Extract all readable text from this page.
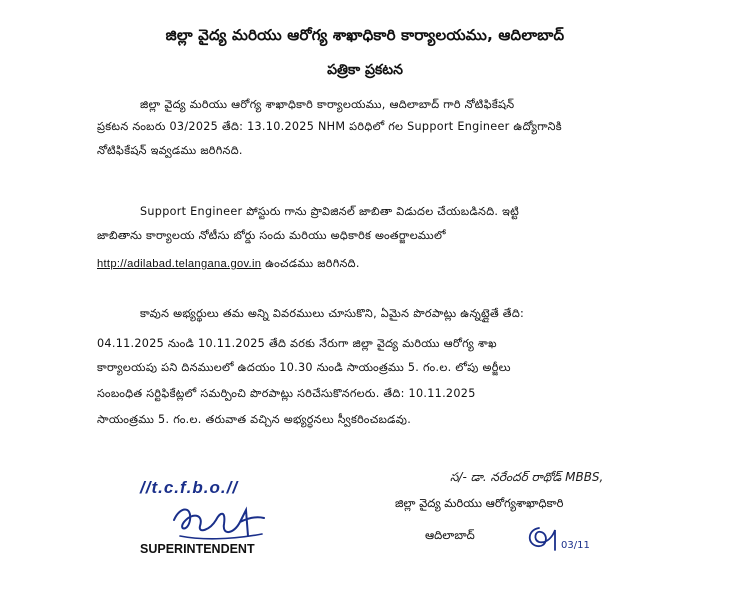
జిల్లా వైద్య మరియు ఆరోగ్య శాఖాధికారి కార్యాలయము, ఆదిలాబాద్
పత్రికా ప్రకటన
జిల్లా వైద్య మరియు ఆరోగ్య శాఖాధికారి కార్యాలయము, ఆదిలాబాద్ గారి నోటిఫికేషన్
ప్రకటన నంబరు 03/2025 తేది: 13.10.2025 NHM పరిధిలో గల Support Engineer ఉద్యోగానికి
నోటిఫికేషన్ ఇవ్వడము జరిగినది.
Support Engineer పోస్టురు గాను ప్రొవిజినల్ జాబితా విడుదల చేయబడినది. ఇట్టి
జాబితాను కార్యాలయ నోటీసు బోర్డు సందు మరియు అధికారిక అంతర్జాలములో
http://adilabad.telangana.gov.in ఉంచడము జరిగినది.
కావున అభ్యర్థులు తమ అన్ని వివరములు చూసుకొని, ఏమైన పొరపాట్లు ఉన్నట్లైతే తేది:
04.11.2025 నుండి 10.11.2025 తేది వరకు నేరుగా జిల్లా వైద్య మరియు ఆరోగ్య శాఖ
కార్యాలయపు పని దినములలో ఉదయం 10.30 నుండి సాయంత్రము 5. గం.ల. లోపు అర్జీలు
సంబంధిత సర్టిఫికేట్లలో సమర్పించి పొరపాట్లు సరిచేసుకొనగలరు. తేది: 10.11.2025
సాయంత్రము 5. గం.ల. తరువాత వచ్చిన అభ్యర్ధనలు స్వీకరించబడవు.
//t.c.f.b.o.//
SUPERINTENDENT
స/- డా. నరేందర్ రాథోడ్ MBBS,
జిల్లా వైద్య మరియు ఆరోగ్యశాఖాధికారి
ఆదిలాబాద్
03/11
